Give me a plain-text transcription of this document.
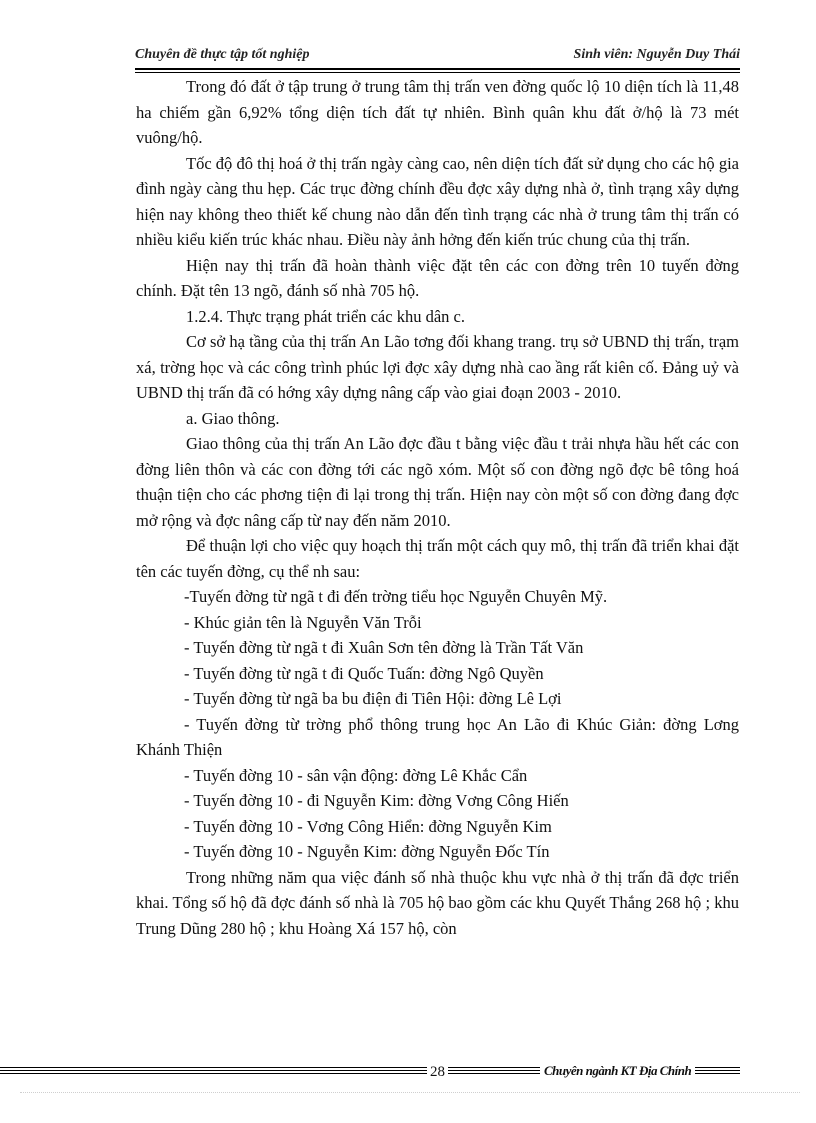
Chuyên đề thực tập tốt nghiệp	Sinh viên: Nguyễn Duy Thái

Trong đó đất ở tập trung ở trung tâm thị trấn ven đờng quốc lộ 10 diện tích là 11,48 ha chiếm gần 6,92% tổng diện tích đất tự nhiên. Bình quân khu đất ở/hộ là 73 mét vuông/hộ.

Tốc độ đô thị hoá ở thị trấn ngày càng cao, nên diện tích đất sử dụng cho các hộ gia đình ngày càng thu hẹp. Các trục đờng chính đều đợc xây dựng nhà ở, tình trạng xây dựng hiện nay không theo thiết kế chung nào dẫn đến tình trạng các nhà ở trung tâm thị trấn có nhiều kiểu kiến trúc khác nhau. Điều này ảnh hởng đến kiến trúc chung của thị trấn.

Hiện nay thị trấn đã hoàn thành việc đặt tên các con đờng trên 10 tuyến đờng chính. Đặt tên 13 ngõ, đánh số nhà 705 hộ.

1.2.4. Thực trạng phát triển các khu dân c.

Cơ sở hạ tầng của thị trấn An Lão tơng đối khang trang. trụ sở UBND thị trấn, trạm xá, trờng học và các công trình phúc lợi đợc xây dựng nhà cao ầng rất kiên cố. Đảng uỷ và UBND thị trấn đã có hớng xây dựng nâng cấp vào giai đoạn 2003 - 2010.

a. Giao thông.

Giao thông của thị trấn An Lão đợc đầu t bằng việc đầu t trải nhựa hầu hết các con đờng liên thôn và các con đờng tới các ngõ xóm. Một số con đờng ngõ đợc bê tông hoá thuận tiện cho các phơng tiện đi lại trong thị trấn. Hiện nay còn một số con đờng đang đợc mở rộng và đợc nâng cấp từ nay đến năm 2010.

Để thuận lợi cho việc quy hoạch thị trấn một cách quy mô, thị trấn đã triển khai đặt tên các tuyến đờng, cụ thể nh sau:

-Tuyến đờng từ ngã t đi đến trờng tiểu học Nguyễn Chuyên Mỹ.

- Khúc giản tên là Nguyễn Văn Trỗi

- Tuyến đờng từ ngã t đi Xuân Sơn tên đờng là Trần Tất Văn

- Tuyến đờng từ ngã t đi Quốc Tuấn: đờng Ngô Quyền

- Tuyến đờng từ ngã ba bu điện đi Tiên Hội: đờng Lê Lợi

- Tuyến đờng từ trờng phổ thông trung học An Lão đi Khúc Giản: đờng Lơng Khánh Thiện

- Tuyến đờng 10 - sân vận động: đờng Lê Khắc Cẩn

- Tuyến đờng 10 - đi Nguyễn Kim: đờng Vơng Công Hiến

- Tuyến đờng 10 - Vơng Công Hiển: đờng Nguyễn Kim

- Tuyến đờng 10 - Nguyễn Kim: đờng Nguyễn Đốc Tín

Trong những năm qua việc đánh số nhà thuộc khu vực nhà ở thị trấn đã đợc triển khai. Tổng số hộ đã đợc đánh số nhà là 705 hộ bao gồm các khu Quyết Thắng 268 hộ ; khu Trung Dũng 280 hộ ; khu Hoàng Xá 157 hộ, còn

28	Chuyên ngành KT Địa Chính
